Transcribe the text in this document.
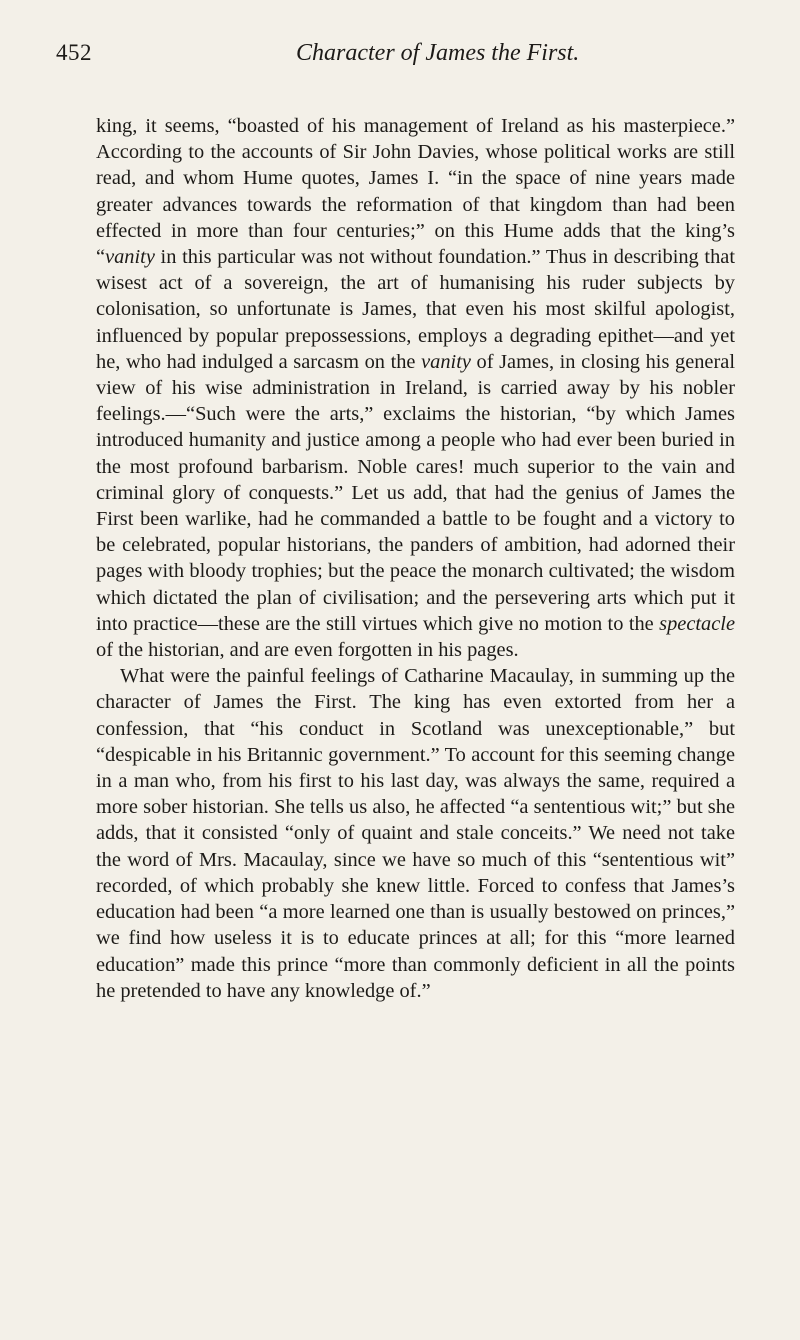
452	Character of James the First.

king, it seems, “boasted of his management of Ireland as his masterpiece.” According to the accounts of Sir John Davies, whose political works are still read, and whom Hume quotes, James I. “in the space of nine years made greater advances towards the reformation of that kingdom than had been effected in more than four centuries;” on this Hume adds that the king’s “vanity in this particular was not without foundation.” Thus in describing that wisest act of a sovereign, the art of humanising his ruder subjects by colonisation, so unfortunate is James, that even his most skilful apologist, influenced by popular prepossessions, employs a degrading epithet—and yet he, who had indulged a sarcasm on the vanity of James, in closing his general view of his wise administration in Ireland, is carried away by his nobler feelings.—“Such were the arts,” exclaims the historian, “by which James introduced humanity and justice among a people who had ever been buried in the most profound barbarism. Noble cares! much superior to the vain and criminal glory of conquests.” Let us add, that had the genius of James the First been warlike, had he commanded a battle to be fought and a victory to be celebrated, popular historians, the panders of ambition, had adorned their pages with bloody trophies; but the peace the monarch cultivated; the wisdom which dictated the plan of civilisation; and the persevering arts which put it into practice—these are the still virtues which give no motion to the spectacle of the historian, and are even forgotten in his pages.

What were the painful feelings of Catharine Macaulay, in summing up the character of James the First. The king has even extorted from her a confession, that “his conduct in Scotland was unexceptionable,” but “despicable in his Britannic government.” To account for this seeming change in a man who, from his first to his last day, was always the same, required a more sober historian. She tells us also, he affected “a sententious wit;” but she adds, that it consisted “only of quaint and stale conceits.” We need not take the word of Mrs. Macaulay, since we have so much of this “sententious wit” recorded, of which probably she knew little. Forced to confess that James’s education had been “a more learned one than is usually bestowed on princes,” we find how useless it is to educate princes at all; for this “more learned education” made this prince “more than commonly deficient in all the points he pretended to have any knowledge of.”
